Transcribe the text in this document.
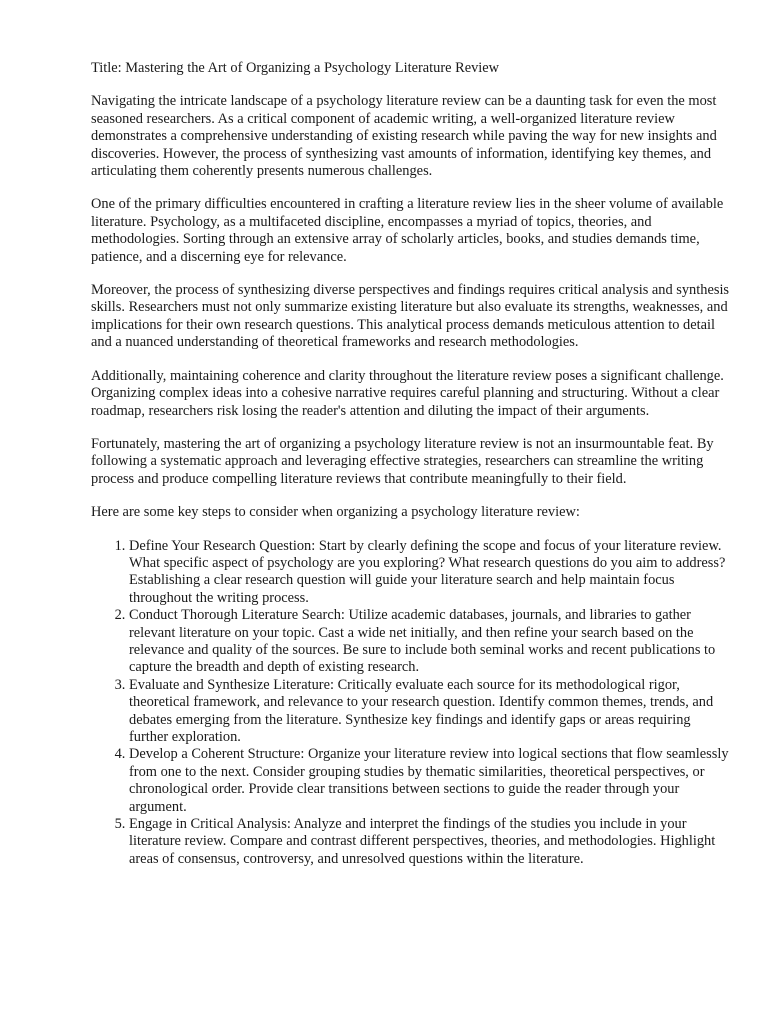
Title: Mastering the Art of Organizing a Psychology Literature Review

Navigating the intricate landscape of a psychology literature review can be a daunting task for even the most seasoned researchers. As a critical component of academic writing, a well-organized literature review demonstrates a comprehensive understanding of existing research while paving the way for new insights and discoveries. However, the process of synthesizing vast amounts of information, identifying key themes, and articulating them coherently presents numerous challenges.

One of the primary difficulties encountered in crafting a literature review lies in the sheer volume of available literature. Psychology, as a multifaceted discipline, encompasses a myriad of topics, theories, and methodologies. Sorting through an extensive array of scholarly articles, books, and studies demands time, patience, and a discerning eye for relevance.

Moreover, the process of synthesizing diverse perspectives and findings requires critical analysis and synthesis skills. Researchers must not only summarize existing literature but also evaluate its strengths, weaknesses, and implications for their own research questions. This analytical process demands meticulous attention to detail and a nuanced understanding of theoretical frameworks and research methodologies.

Additionally, maintaining coherence and clarity throughout the literature review poses a significant challenge. Organizing complex ideas into a cohesive narrative requires careful planning and structuring. Without a clear roadmap, researchers risk losing the reader's attention and diluting the impact of their arguments.

Fortunately, mastering the art of organizing a psychology literature review is not an insurmountable feat. By following a systematic approach and leveraging effective strategies, researchers can streamline the writing process and produce compelling literature reviews that contribute meaningfully to their field.

Here are some key steps to consider when organizing a psychology literature review:

1. Define Your Research Question: Start by clearly defining the scope and focus of your literature review. What specific aspect of psychology are you exploring? What research questions do you aim to address? Establishing a clear research question will guide your literature search and help maintain focus throughout the writing process.
2. Conduct Thorough Literature Search: Utilize academic databases, journals, and libraries to gather relevant literature on your topic. Cast a wide net initially, and then refine your search based on the relevance and quality of the sources. Be sure to include both seminal works and recent publications to capture the breadth and depth of existing research.
3. Evaluate and Synthesize Literature: Critically evaluate each source for its methodological rigor, theoretical framework, and relevance to your research question. Identify common themes, trends, and debates emerging from the literature. Synthesize key findings and identify gaps or areas requiring further exploration.
4. Develop a Coherent Structure: Organize your literature review into logical sections that flow seamlessly from one to the next. Consider grouping studies by thematic similarities, theoretical perspectives, or chronological order. Provide clear transitions between sections to guide the reader through your argument.
5. Engage in Critical Analysis: Analyze and interpret the findings of the studies you include in your literature review. Compare and contrast different perspectives, theories, and methodologies. Highlight areas of consensus, controversy, and unresolved questions within the literature.
